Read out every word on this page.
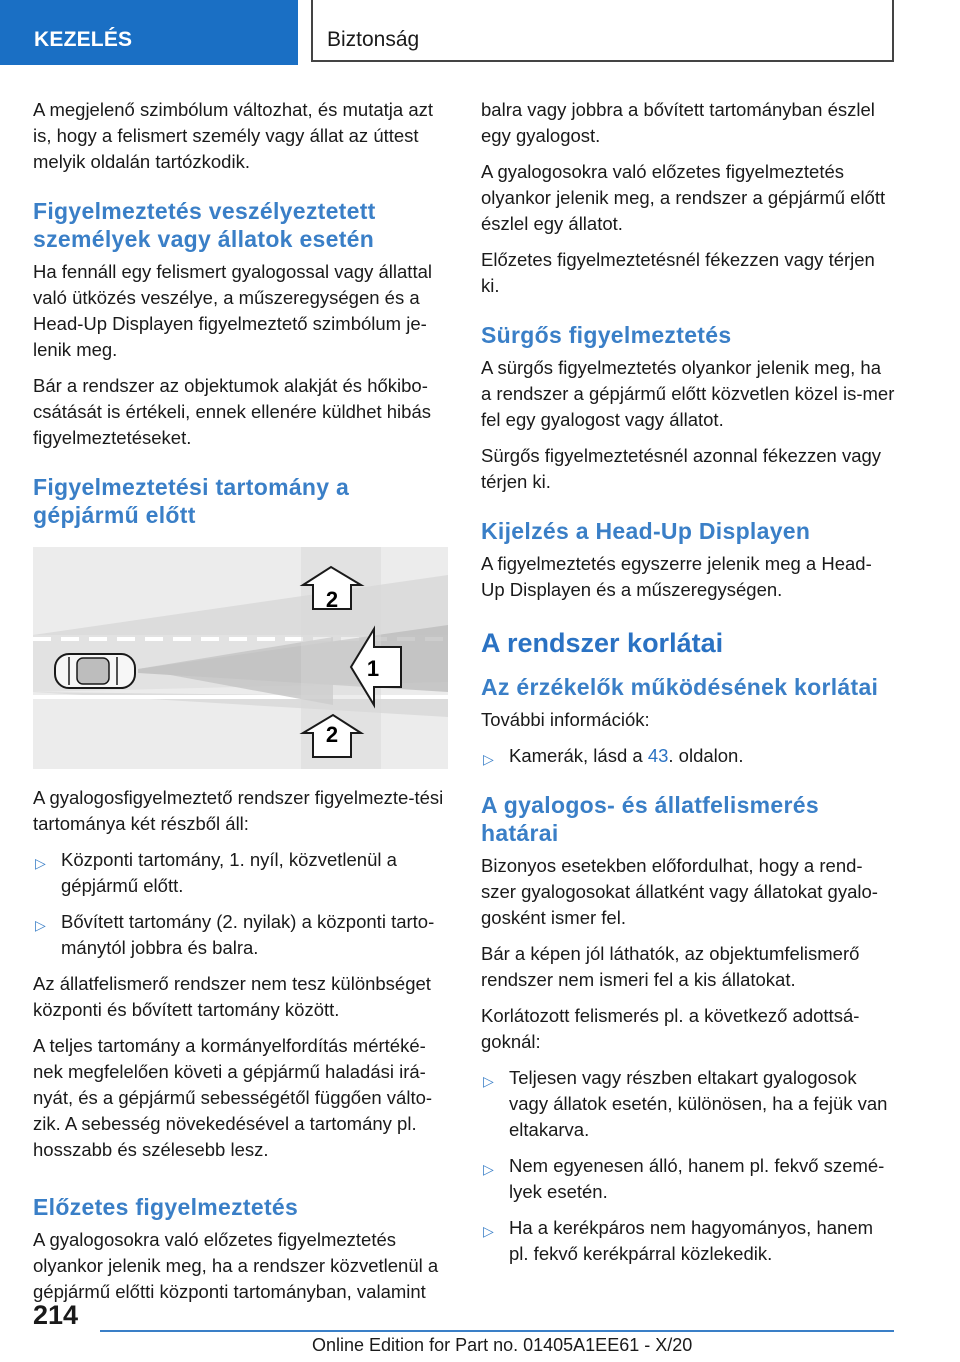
KEZELÉS	Biztonság

A megjelenő szimbólum változhat, és mutatja azt is, hogy a felismert személy vagy állat az úttest melyik oldalán tartózkodik.

Figyelmeztetés veszélyeztetett személyek vagy állatok esetén

Ha fennáll egy felismert gyalogossal vagy állattal való ütközés veszélye, a műszeregységen és a Head-Up Displayen figyelmeztető szimbólum je-lenik meg.

Bár a rendszer az objektumok alakját és hőkibo-csátását is értékeli, ennek ellenére küldhet hibás figyelmeztetéseket.

Figyelmeztetési tartomány a gépjármű előtt
2
1
2

A gyalogosfigyelmeztető rendszer figyelmezte-tési tartománya két részből áll:

▷ Központi tartomány, 1. nyíl, közvetlenül a gépjármű előtt.
▷ Bővített tartomány (2. nyilak) a központi tarto-mánytól jobbra és balra.

Az állatfelismerő rendszer nem tesz különbséget központi és bővített tartomány között.

A teljes tartomány a kormányelfordítás mértéké-nek megfelelően követi a gépjármű haladási irá-nyát, és a gépjármű sebességétől függően válto-zik. A sebesség növekedésével a tartomány pl. hosszabb és szélesebb lesz.

Előzetes figyelmeztetés

A gyalogosokra való előzetes figyelmeztetés olyankor jelenik meg, ha a rendszer közvetlenül a gépjármű előtti központi tartományban, valamint

balra vagy jobbra a bővített tartományban észlel egy gyalogost.

A gyalogosokra való előzetes figyelmeztetés olyankor jelenik meg, a rendszer a gépjármű előtt észlel egy állatot.

Előzetes figyelmeztetésnél fékezzen vagy térjen ki.

Sürgős figyelmeztetés

A sürgős figyelmeztetés olyankor jelenik meg, ha a rendszer a gépjármű előtt közvetlen közel is-mer fel egy gyalogost vagy állatot.

Sürgős figyelmeztetésnél azonnal fékezzen vagy térjen ki.

Kijelzés a Head-Up Displayen

A figyelmeztetés egyszerre jelenik meg a Head-Up Displayen és a műszeregységen.

A rendszer korlátai
Az érzékelők működésének korlátai

További információk:

▷ Kamerák, lásd a 43. oldalon.
A gyalogos- és állatfelismerés határai

Bizonyos esetekben előfordulhat, hogy a rend-szer gyalogosokat állatként vagy állatokat gyalo-gosként ismer fel.

Bár a képen jól láthatók, az objektumfelismerő rendszer nem ismeri fel a kis állatokat.

Korlátozott felismerés pl. a következő adottsá-goknál:

▷ Teljesen vagy részben eltakart gyalogosok vagy állatok esetén, különösen, ha a fejük van eltakarva.
▷ Nem egyenesen álló, hanem pl. fekvő szemé-lyek esetén.
▷ Ha a kerékpáros nem hagyományos, hanem pl. fekvő kerékpárral közlekedik.
214
Online Edition for Part no. 01405A1EE61 - X/20
